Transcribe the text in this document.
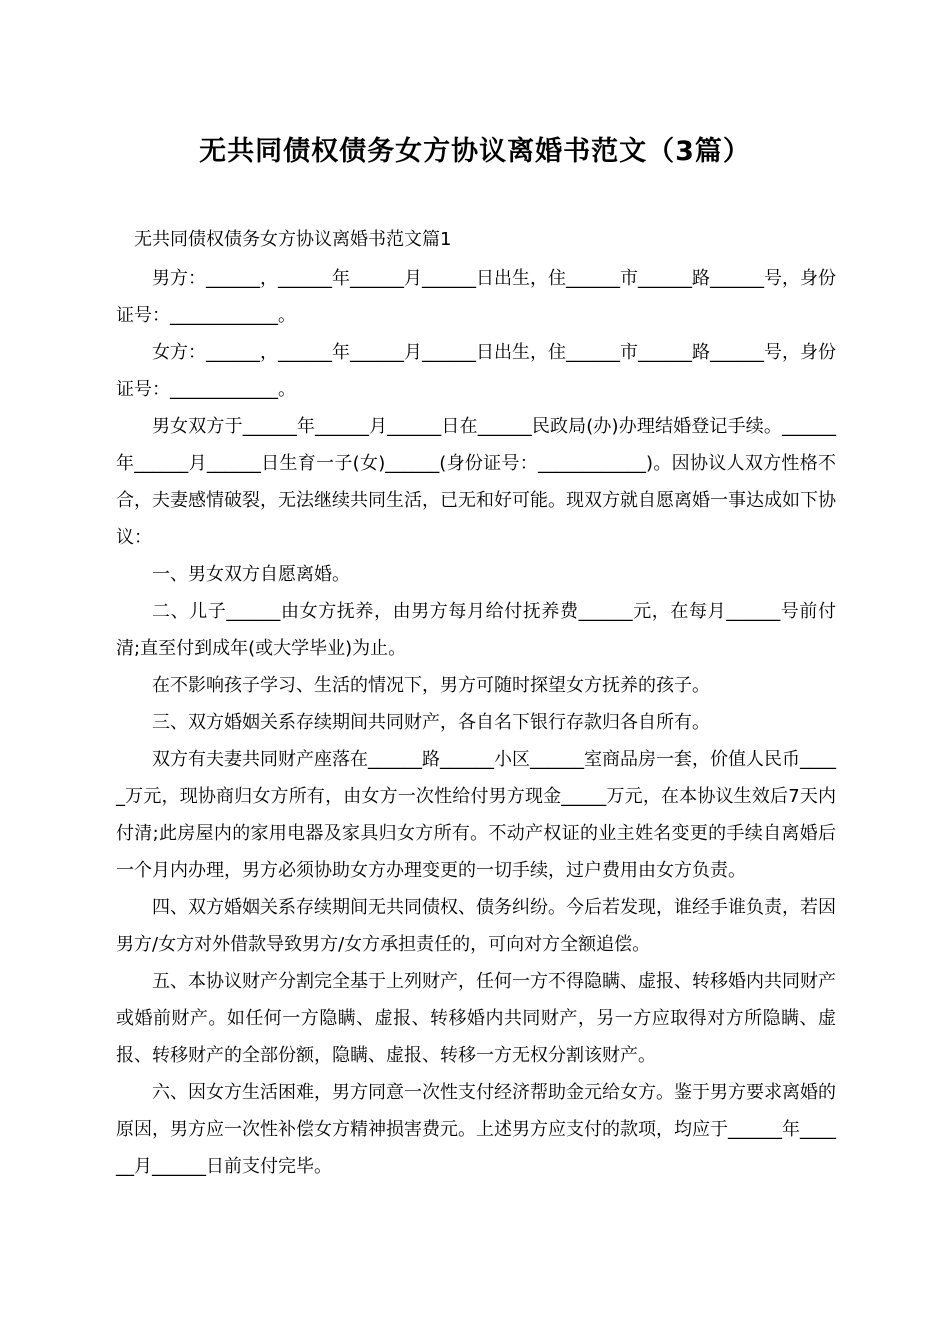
无共同债权债务女方协议离婚书范文（3篇）
无共同债权债务女方协议离婚书范文篇1

男方：______，______年______月______日出生，住______市______路______号，身份证号：____________。

女方：______，______年______月______日出生，住______市______路______号，身份证号：____________。

男女双方于______年______月______日在______民政局(办)办理结婚登记手续。______年______月______日生育一子(女)______(身份证号：____________)。因协议人双方性格不合，夫妻感情破裂，无法继续共同生活，已无和好可能。现双方就自愿离婚一事达成如下协议：

一、男女双方自愿离婚。

二、儿子______由女方抚养，由男方每月给付抚养费______元，在每月______号前付清;直至付到成年(或大学毕业)为止。

在不影响孩子学习、生活的情况下，男方可随时探望女方抚养的孩子。

三、双方婚姻关系存续期间共同财产，各自名下银行存款归各自所有。

双方有夫妻共同财产座落在______路______小区______室商品房一套，价值人民币_____万元，现协商归女方所有，由女方一次性给付男方现金_____万元，在本协议生效后7天内付清;此房屋内的家用电器及家具归女方所有。不动产权证的业主姓名变更的手续自离婚后一个月内办理，男方必须协助女方办理变更的一切手续，过户费用由女方负责。

四、双方婚姻关系存续期间无共同债权、债务纠纷。今后若发现，谁经手谁负责，若因男方/女方对外借款导致男方/女方承担责任的，可向对方全额追偿。

五、本协议财产分割完全基于上列财产，任何一方不得隐瞒、虚报、转移婚内共同财产或婚前财产。如任何一方隐瞒、虚报、转移婚内共同财产，另一方应取得对方所隐瞒、虚报、转移财产的全部份额，隐瞒、虚报、转移一方无权分割该财产。

六、因女方生活困难，男方同意一次性支付经济帮助金元给女方。鉴于男方要求离婚的原因，男方应一次性补偿女方精神损害费元。上述男方应支付的款项，均应于______年______月______日前支付完毕。
